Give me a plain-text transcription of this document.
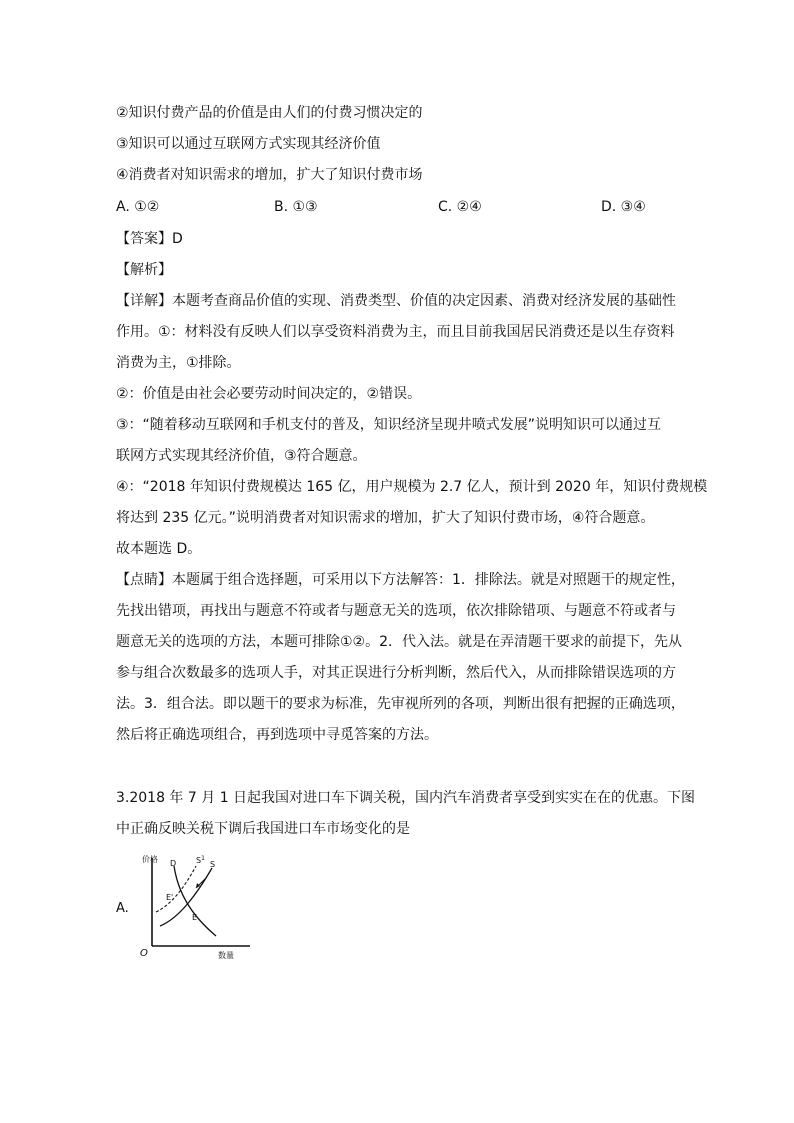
②知识付费产品的价值是由人们的付费习惯决定的
③知识可以通过互联网方式实现其经济价值
④消费者对知识需求的增加，扩大了知识付费市场
A. ①②	B. ①③	C. ②④	D. ③④
【答案】D
【解析】
【详解】本题考查商品价值的实现、消费类型、价值的决定因素、消费对经济发展的基础性
作用。①：材料没有反映人们以享受资料消费为主，而且目前我国居民消费还是以生存资料
消费为主，①排除。
②：价值是由社会必要劳动时间决定的，②错误。
③：“随着移动互联网和手机支付的普及，知识经济呈现井喷式发展”说明知识可以通过互
联网方式实现其经济价值，③符合题意。
④：“2018 年知识付费规模达 165 亿，用户规模为 2.7 亿人，预计到 2020 年，知识付费规模
将达到 235 亿元。”说明消费者对知识需求的增加，扩大了知识付费市场，④符合题意。
故本题选 D。
【点睛】本题属于组合选择题，可采用以下方法解答：1．排除法。就是对照题干的规定性，
先找出错项，再找出与题意不符或者与题意无关的选项，依次排除错项、与题意不符或者与
题意无关的选项的方法，本题可排除①②。2．代入法。就是在弄清题干要求的前提下，先从
参与组合次数最多的选项人手，对其正误进行分析判断，然后代入，从而排除错误选项的方
法。3．组合法。即以题干的要求为标准，先审视所列的各项，判断出很有把握的正确选项，
然后将正确选项组合，再到选项中寻觅答案的方法。
3.2018 年 7 月 1 日起我国对进口车下调关税，国内汽车消费者享受到实实在在的优惠。下图
中正确反映关税下调后我国进口车市场变化的是
A.
价格
O	数量
D	S
$S^1$
E'
E
